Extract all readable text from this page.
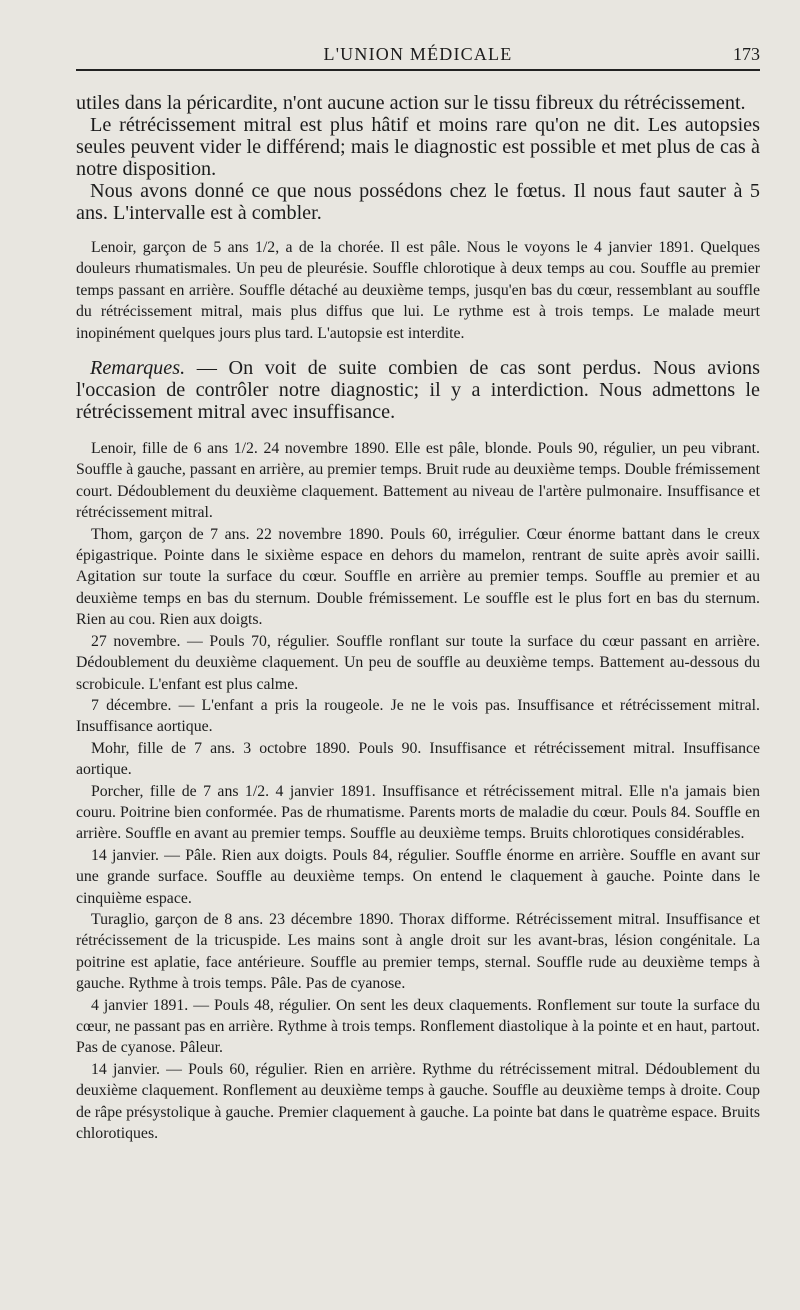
L'UNION MÉDICALE	173

utiles dans la péricardite, n'ont aucune action sur le tissu fibreux du rétrécissement.

Le rétrécissement mitral est plus hâtif et moins rare qu'on ne dit. Les autopsies seules peuvent vider le différend; mais le diagnostic est possible et met plus de cas à notre disposition.

Nous avons donné ce que nous possédons chez le fœtus. Il nous faut sauter à 5 ans. L'intervalle est à combler.

Lenoir, garçon de 5 ans 1/2, a de la chorée. Il est pâle. Nous le voyons le 4 janvier 1891. Quelques douleurs rhumatismales. Un peu de pleurésie. Souffle chlorotique à deux temps au cou. Souffle au premier temps passant en arrière. Souffle détaché au deuxième temps, jusqu'en bas du cœur, ressemblant au souffle du rétrécissement mitral, mais plus diffus que lui. Le rythme est à trois temps. Le malade meurt inopinément quelques jours plus tard. L'autopsie est interdite.

Remarques. — On voit de suite combien de cas sont perdus. Nous avions l'occasion de contrôler notre diagnostic; il y a interdiction. Nous admettons le rétrécissement mitral avec insuffisance.

Lenoir, fille de 6 ans 1/2. 24 novembre 1890. Elle est pâle, blonde. Pouls 90, régulier, un peu vibrant. Souffle à gauche, passant en arrière, au premier temps. Bruit rude au deuxième temps. Double frémissement court. Dédoublement du deuxième claquement. Battement au niveau de l'artère pulmonaire. Insuffisance et rétrécissement mitral.

Thom, garçon de 7 ans. 22 novembre 1890. Pouls 60, irrégulier. Cœur énorme battant dans le creux épigastrique. Pointe dans le sixième espace en dehors du mamelon, rentrant de suite après avoir sailli. Agitation sur toute la surface du cœur. Souffle en arrière au premier temps. Souffle au premier et au deuxième temps en bas du sternum. Double frémissement. Le souffle est le plus fort en bas du sternum. Rien au cou. Rien aux doigts.

27 novembre. — Pouls 70, régulier. Souffle ronflant sur toute la surface du cœur passant en arrière. Dédoublement du deuxième claquement. Un peu de souffle au deuxième temps. Battement au-dessous du scrobicule. L'enfant est plus calme.

7 décembre. — L'enfant a pris la rougeole. Je ne le vois pas. Insuffisance et rétrécissement mitral. Insuffisance aortique.

Mohr, fille de 7 ans. 3 octobre 1890. Pouls 90. Insuffisance et rétrécissement mitral. Insuffisance aortique.

Porcher, fille de 7 ans 1/2. 4 janvier 1891. Insuffisance et rétrécissement mitral. Elle n'a jamais bien couru. Poitrine bien conformée. Pas de rhumatisme. Parents morts de maladie du cœur. Pouls 84. Souffle en arrière. Souffle en avant au premier temps. Souffle au deuxième temps. Bruits chlorotiques considérables.

14 janvier. — Pâle. Rien aux doigts. Pouls 84, régulier. Souffle énorme en arrière. Souffle en avant sur une grande surface. Souffle au deuxième temps. On entend le claquement à gauche. Pointe dans le cinquième espace.

Turaglio, garçon de 8 ans. 23 décembre 1890. Thorax difforme. Rétrécissement mitral. Insuffisance et rétrécissement de la tricuspide. Les mains sont à angle droit sur les avant-bras, lésion congénitale. La poitrine est aplatie, face antérieure. Souffle au premier temps, sternal. Souffle rude au deuxième temps à gauche. Rythme à trois temps. Pâle. Pas de cyanose.

4 janvier 1891. — Pouls 48, régulier. On sent les deux claquements. Ronflement sur toute la surface du cœur, ne passant pas en arrière. Rythme à trois temps. Ronflement diastolique à la pointe et en haut, partout. Pas de cyanose. Pâleur.

14 janvier. — Pouls 60, régulier. Rien en arrière. Rythme du rétrécissement mitral. Dédoublement du deuxième claquement. Ronflement au deuxième temps à gauche. Souffle au deuxième temps à droite. Coup de râpe présystolique à gauche. Premier claquement à gauche. La pointe bat dans le quatrème espace. Bruits chlorotiques.
